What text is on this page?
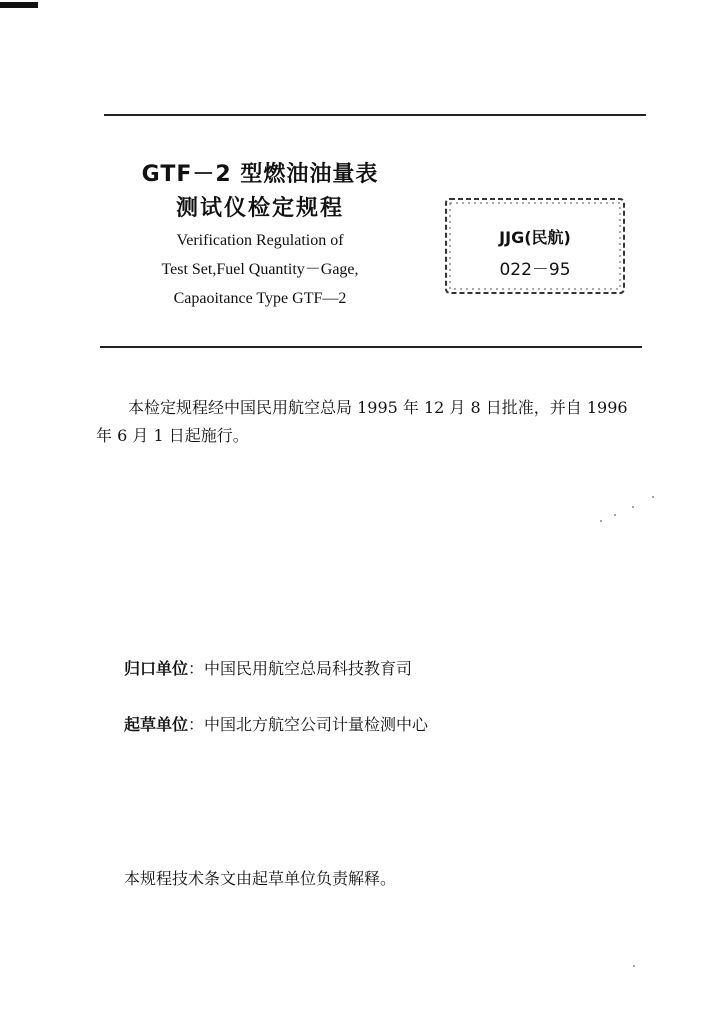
GTF－2 型燃油油量表

测试仪检定规程

Verification Regulation of

Test Set,Fuel Quantity－Gage,

Capaoitance Type GTF—2

JJG(民航)
022－95

本检定规程经中国民用航空总局 1995 年 12 月 8 日批准，并自 1996 年 6 月 1 日起施行。

归口单位：中国民用航空总局科技教育司
起草单位：中国北方航空公司计量检测中心
本规程技术条文由起草单位负责解释。
